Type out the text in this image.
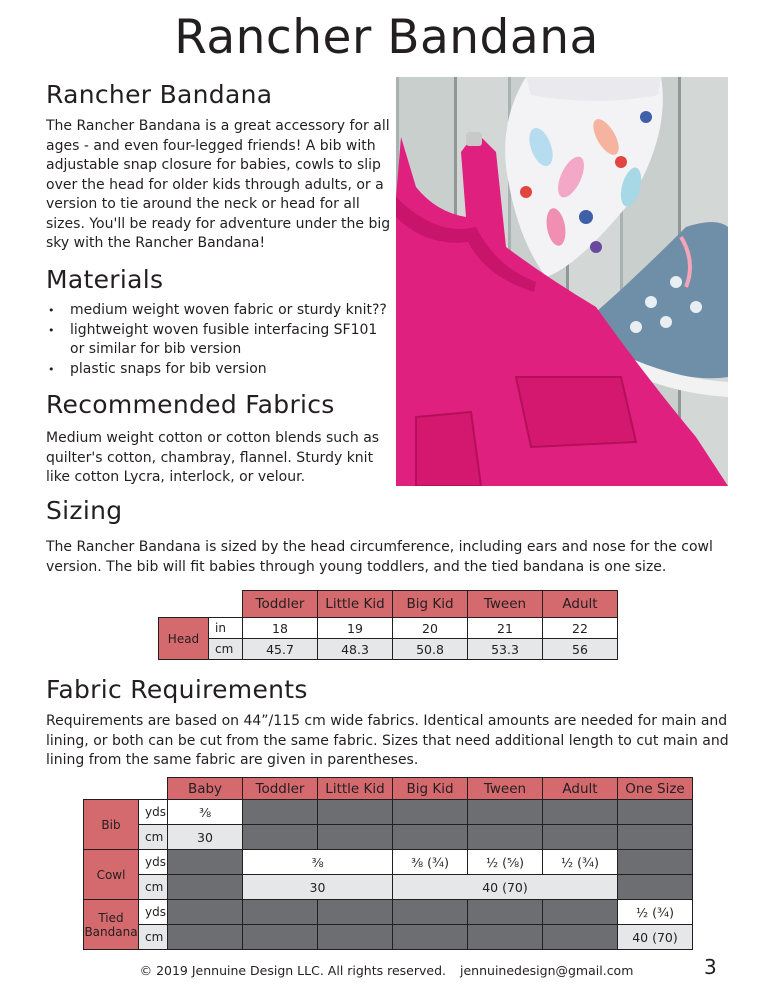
Rancher Bandana
Rancher Bandana

The Rancher Bandana is a great accessory for all ages - and even four-legged friends! A bib with adjustable snap closure for babies, cowls to slip over the head for older kids through adults, or a version to tie around the neck or head for all sizes. You'll be ready for adventure under the big sky with the Rancher Bandana!

Materials
• medium weight woven fabric or sturdy knit??
• lightweight woven fusible interfacing SF101 or similar for bib version
• plastic snaps for bib version
Recommended Fabrics

Medium weight cotton or cotton blends such as quilter's cotton, chambray, flannel. Sturdy knit like cotton Lycra, interlock, or velour.

Sizing

The Rancher Bandana is sized by the head circumference, including ears and nose for the cowl version. The bib will fit babies through young toddlers, and the tied bandana is one size.

		Toddler	Little Kid	Big Kid	Tween	Adult
Head	in	18	19	20	21	22
	cm	45.7	48.3	50.8	53.3	56
Fabric Requirements

Requirements are based on 44”/115 cm wide fabrics. Identical amounts are needed for main and lining, or both can be cut from the same fabric. Sizes that need additional length to cut main and lining from the same fabric are given in parentheses.

		Baby	Toddler	Little Kid	Big Kid	Tween	Adult	One Size
Bib	yds	⅜						
	cm	30						
Cowl	yds		⅜		⅜ (¾)	½ (⅝)	½ (¾)	
	cm		30		40 (70)			
Tied
Bandana	yds							½ (¾)
	cm							40 (70)
© 2019 Jennuine Design LLC. All rights reserved. jennuinedesign@gmail.com	3
